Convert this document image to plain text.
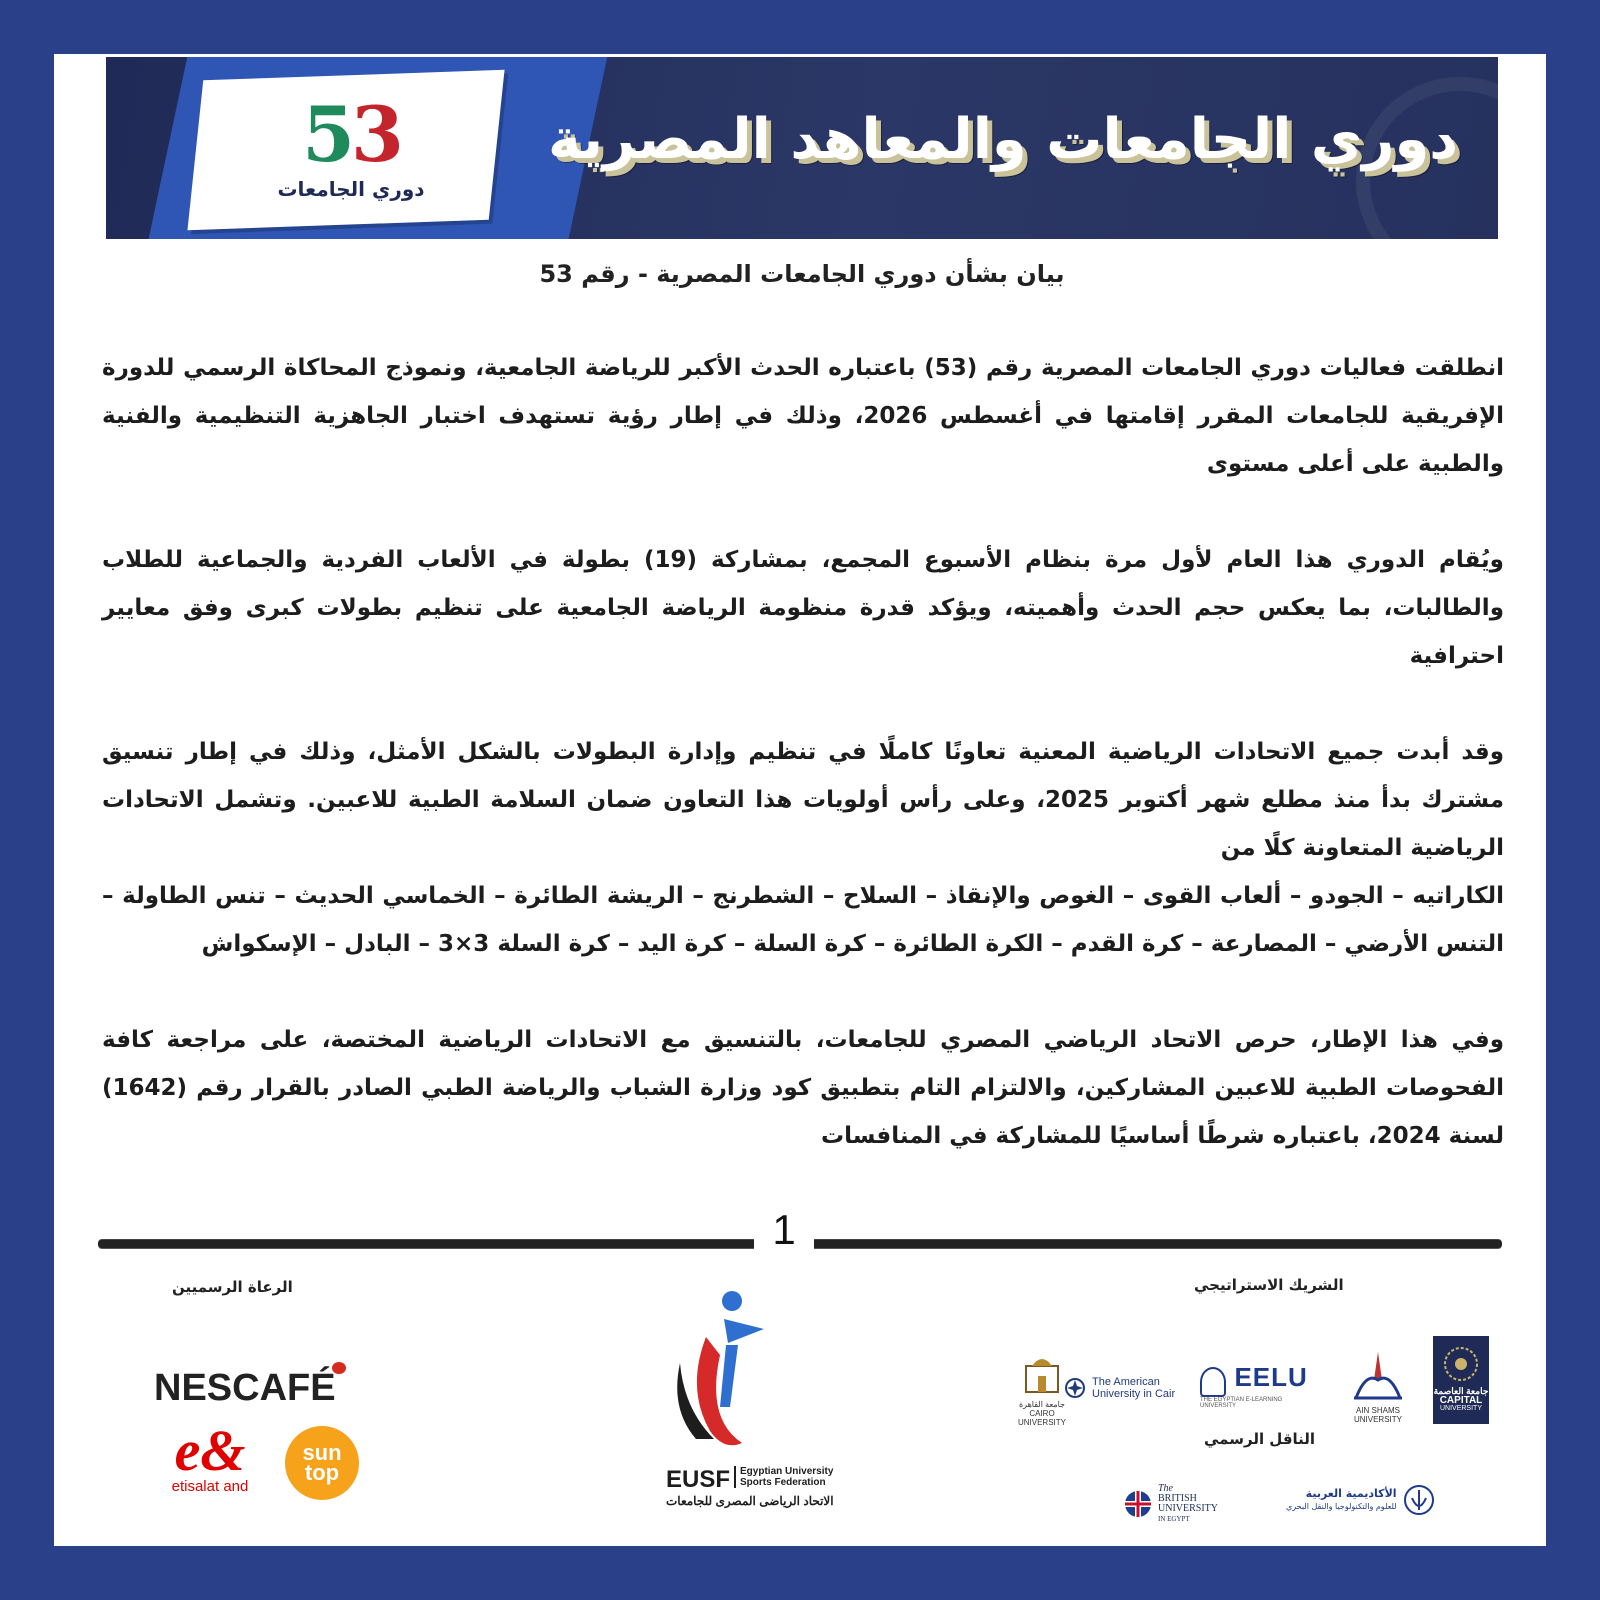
53
دوري الجامعات
دوري الجامعات والمعاهد المصرية
بيان بشأن دوري الجامعات المصرية - رقم 53

انطلقت فعاليات دوري الجامعات المصرية رقم (53) باعتباره الحدث الأكبر للرياضة الجامعية، ونموذج المحاكاة الرسمي للدورة الإفريقية للجامعات المقرر إقامتها في أغسطس 2026، وذلك في إطار رؤية تستهدف اختبار الجاهزية التنظيمية والفنية والطبية على أعلى مستوى

ويُقام الدوري هذا العام لأول مرة بنظام الأسبوع المجمع، بمشاركة (19) بطولة في الألعاب الفردية والجماعية للطلاب والطالبات، بما يعكس حجم الحدث وأهميته، ويؤكد قدرة منظومة الرياضة الجامعية على تنظيم بطولات كبرى وفق معايير احترافية

وقد أبدت جميع الاتحادات الرياضية المعنية تعاونًا كاملًا في تنظيم وإدارة البطولات بالشكل الأمثل، وذلك في إطار تنسيق مشترك بدأ منذ مطلع شهر أكتوبر 2025، وعلى رأس أولويات هذا التعاون ضمان السلامة الطبية للاعبين. وتشمل الاتحادات الرياضية المتعاونة كلًا من

الكاراتيه – الجودو – ألعاب القوى – الغوص والإنقاذ – السلاح – الشطرنج – الريشة الطائرة – الخماسي الحديث – تنس الطاولة – التنس الأرضي – المصارعة – كرة القدم – الكرة الطائرة – كرة السلة – كرة اليد – كرة السلة 3×3 – البادل – الإسكواش

وفي هذا الإطار، حرص الاتحاد الرياضي المصري للجامعات، بالتنسيق مع الاتحادات الرياضية المختصة، على مراجعة كافة الفحوصات الطبية للاعبين المشاركين، والالتزام التام بتطبيق كود وزارة الشباب والرياضة الطبي الصادر بالقرار رقم (1642) لسنة 2024، باعتباره شرطًا أساسيًا للمشاركة في المنافسات

1
الرعاة الرسميين
NESCAFÉ
e&
etisalat and
sun
top	EUSF Egyptian University
Sports Federation
الاتحاد الرياضى المصرى للجامعات
الشريك الاستراتيجي
جامعة القاهرة
CAIRO UNIVERSITY
The American
University in Cair
EELU
THE EGYPTIAN E-LEARNING UNIVERSITY
AIN SHAMS UNIVERSITY
جامعة العاصمة
CAPITAL
UNIVERSITY
الناقل الرسمي
The
BRITISH
UNIVERSITY
IN EGYPT
الأكاديمية العربية
للعلوم والتكنولوجيا والنقل البحري
